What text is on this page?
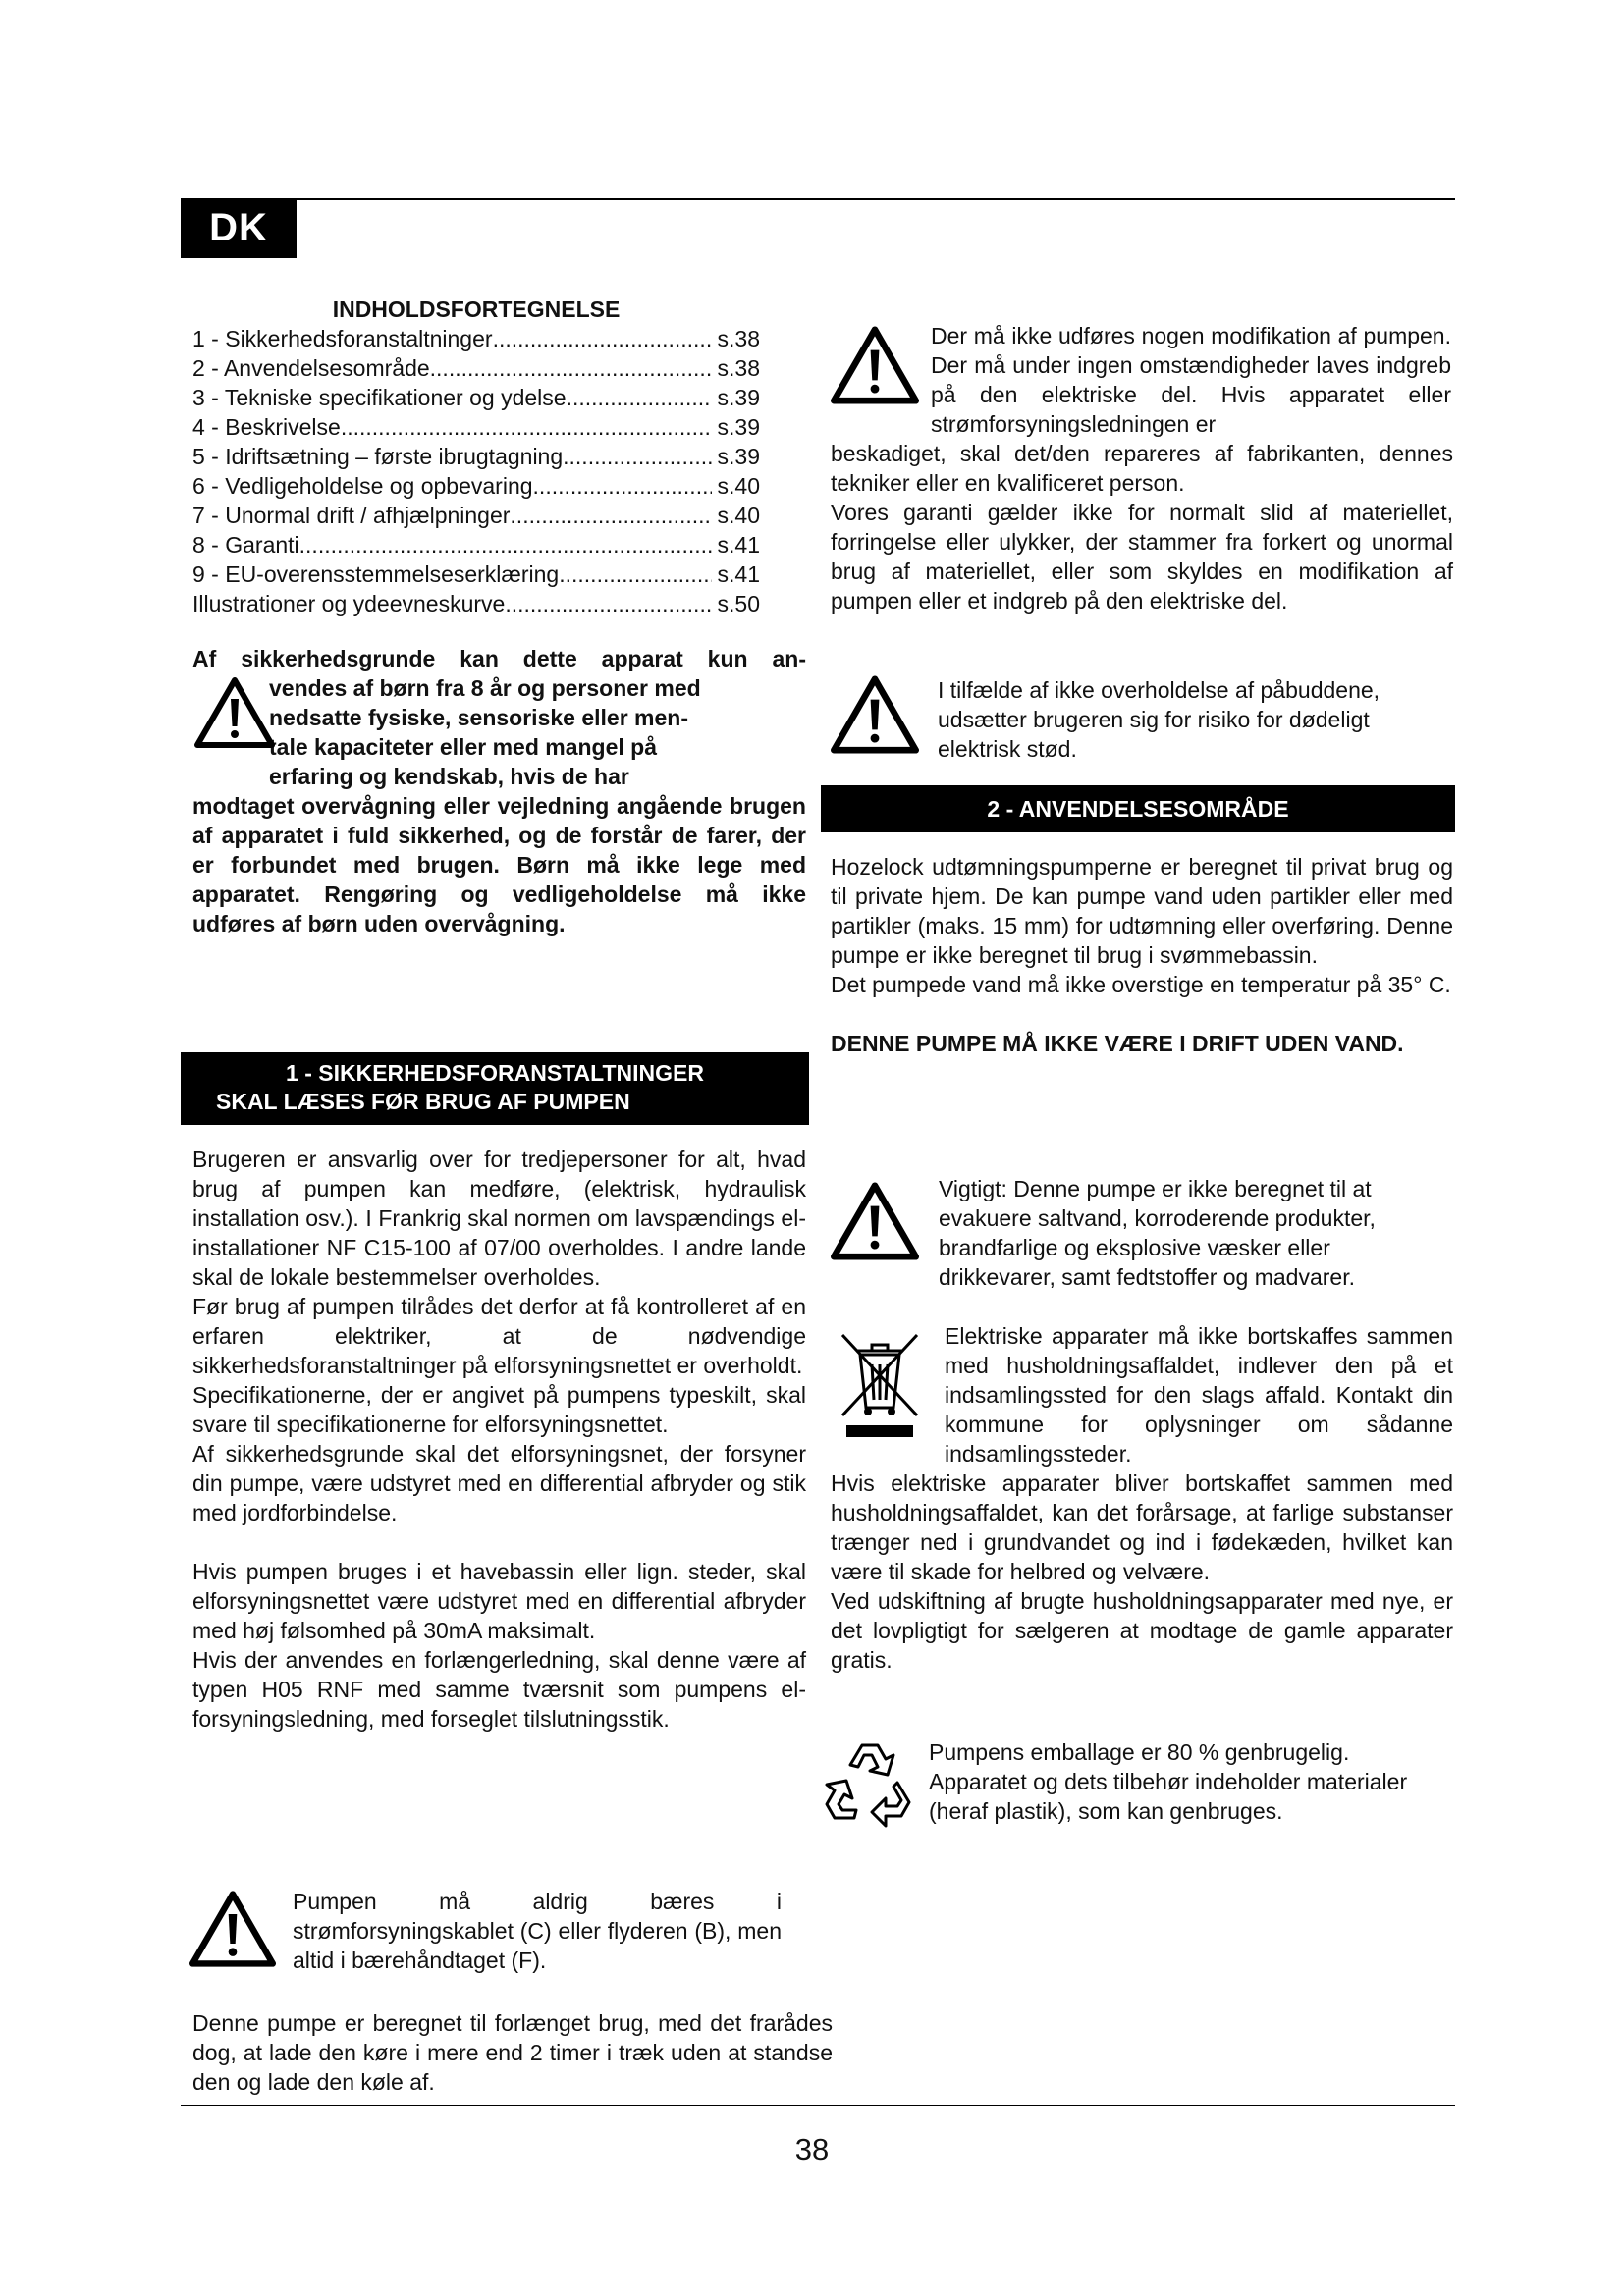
DK
INDHOLDSFORTEGNELSE
1 - Sikkerhedsforanstaltninger .....	s.38
2 - Anvendelsesområde .....	s.38
3 - Tekniske specifikationer og ydelse .....	s.39
4 - Beskrivelse .....	s.39
5 - Idriftsætning – første ibrugtagning .....	s.39
6 - Vedligeholdelse og opbevaring .....	s.40
7 - Unormal drift / afhjælpninger .....	s.40
8 - Garanti .....	s.41
9 - EU-overensstemmelseserklæring .....	s.41
Illustrationer og ydeevneskurve .....	s.50

Af sikkerhedsgrunde kan dette apparat kun an-

vendes af børn fra 8 år og personer med

nedsatte fysiske, sensoriske eller men-

tale kapaciteter eller med mangel på

erfaring og kendskab, hvis de har

modtaget overvågning eller vejledning angående brugen af apparatet i fuld sikkerhed, og de forstår de farer, der er forbundet med brugen. Børn må ikke lege med apparatet. Rengøring og vedligeholdelse må ikke udføres af børn uden overvågning.

1 - SIKKERHEDSFORANSTALTNINGER
SKAL LÆSES FØR BRUG AF PUMPEN

Brugeren er ansvarlig over for tredjepersoner for alt, hvad brug af pumpen kan medføre, (elektrisk, hydraulisk installation osv.). I Frankrig skal normen om lavspændings el-installationer NF C15-100 af 07/00 overholdes. I andre lande skal de lokale bestemmelser overholdes.

Før brug af pumpen tilrådes det derfor at få kontrolleret af en erfaren elektriker, at de nødvendige sikkerhedsforanstaltninger på elforsyningsnettet er overholdt.

Specifikationerne, der er angivet på pumpens typeskilt, skal svare til specifikationerne for elforsyningsnettet.

Af sikkerhedsgrunde skal det elforsyningsnet, der forsyner din pumpe, være udstyret med en differential afbryder og stik med jordforbindelse.

Hvis pumpen bruges i et havebassin eller lign. steder, skal elforsyningsnettet være udstyret med en differential afbryder med høj følsomhed på 30mA maksimalt.

Hvis der anvendes en forlængerledning, skal denne være af typen H05 RNF med samme tværsnit som pumpens el-forsyningsledning, med forseglet tilslutningsstik.

Pumpen må aldrig bæres i strømforsyningskablet (C) eller flyderen (B), men altid i bærehåndtaget (F).
Denne pumpe er beregnet til forlænget brug, med det frarådes dog, at lade den køre i mere end 2 timer i træk uden at standse den og lade den køle af.
Der må ikke udføres nogen modifikation af pumpen. Der må under ingen omstændigheder laves indgreb på den elektriske del. Hvis apparatet eller strømforsyningsledningen er

beskadiget, skal det/den repareres af fabrikanten, dennes tekniker eller en kvalificeret person.

Vores garanti gælder ikke for normalt slid af materiellet, forringelse eller ulykker, der stammer fra forkert og unormal brug af materiellet, eller som skyldes en modifikation af pumpen eller et indgreb på den elektriske del.

I tilfælde af ikke overholdelse af påbuddene, udsætter brugeren sig for risiko for dødeligt elektrisk stød.
2 - ANVENDELSESOMRÅDE

Hozelock udtømningspumperne er beregnet til privat brug og til private hjem. De kan pumpe vand uden partikler eller med partikler (maks. 15 mm) for udtømning eller overføring. Denne pumpe er ikke beregnet til brug i svømmebassin.

Det pumpede vand må ikke overstige en temperatur på 35° C.

DENNE PUMPE MÅ IKKE VÆRE I DRIFT UDEN VAND.

Vigtigt: Denne pumpe er ikke beregnet til at evakuere saltvand, korroderende produkter, brandfarlige og eksplosive væsker eller drikkevarer, samt fedtstoffer og madvarer.
Elektriske apparater må ikke bortskaffes sammen med husholdningsaffaldet, indlever den på et indsamlingssted for den slags affald. Kontakt din kommune for oplysninger om sådanne indsamlingssteder.

Hvis elektriske apparater bliver bortskaffet sammen med husholdningsaffaldet, kan det forårsage, at farlige substanser trænger ned i grundvandet og ind i fødekæden, hvilket kan være til skade for helbred og velvære.

Ved udskiftning af brugte husholdningsapparater med nye, er det lovpligtigt for sælgeren at modtage de gamle apparater gratis.

Pumpens emballage er 80 % genbrugelig. Apparatet og dets tilbehør indeholder materialer (heraf plastik), som kan genbruges.
38
